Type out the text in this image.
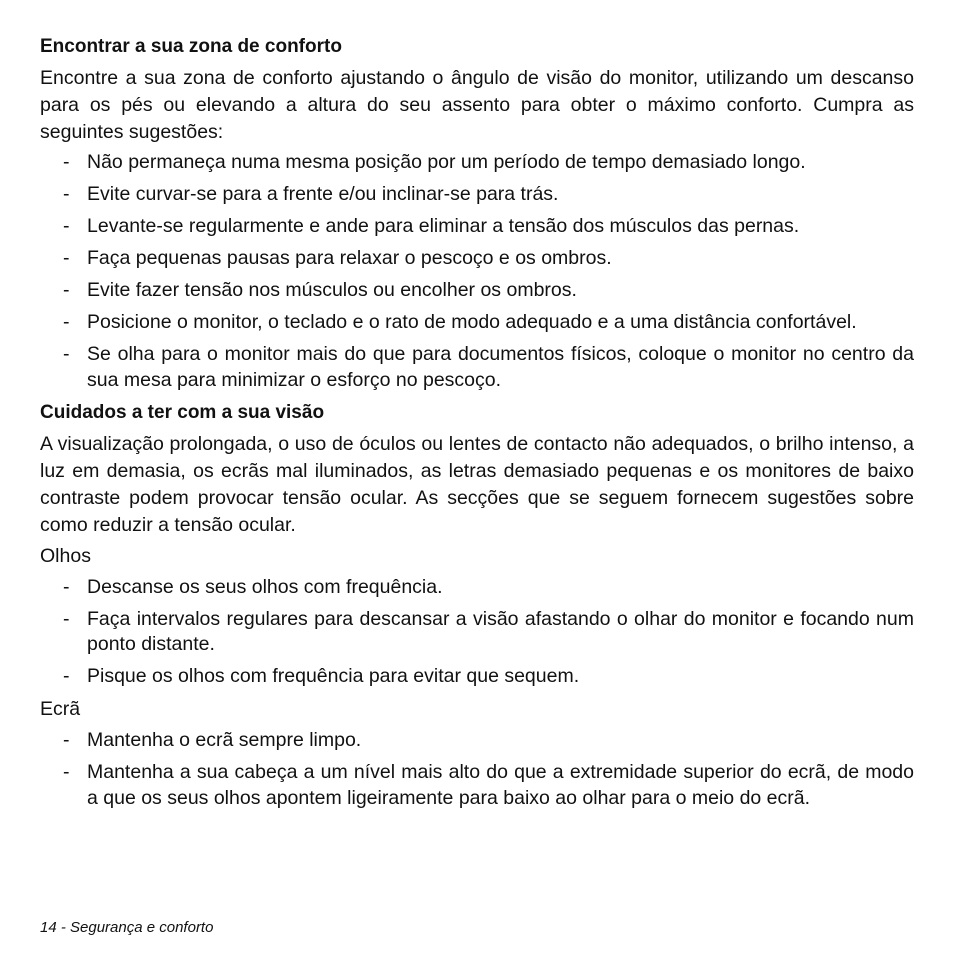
Encontrar a sua zona de conforto
Encontre a sua zona de conforto ajustando o ângulo de visão do monitor, utilizando um descanso para os pés ou elevando a altura do seu assento para obter o máximo conforto. Cumpra as seguintes sugestões:
- Não permaneça numa mesma posição por um período de tempo demasiado longo.
- Evite curvar-se para a frente e/ou inclinar-se para trás.
- Levante-se regularmente e ande para eliminar a tensão dos músculos das pernas.
- Faça pequenas pausas para relaxar o pescoço e os ombros.
- Evite fazer tensão nos músculos ou encolher os ombros.
- Posicione o monitor, o teclado e o rato de modo adequado e a uma distância confortável.
- Se olha para o monitor mais do que para documentos físicos, coloque o monitor no centro da sua mesa para minimizar o esforço no pescoço.
Cuidados a ter com a sua visão
A visualização prolongada, o uso de óculos ou lentes de contacto não adequados, o brilho intenso, a luz em demasia, os ecrãs mal iluminados, as letras demasiado pequenas e os monitores de baixo contraste podem provocar tensão ocular. As secções que se seguem fornecem sugestões sobre como reduzir a tensão ocular.
Olhos
- Descanse os seus olhos com frequência.
- Faça intervalos regulares para descansar a visão afastando o olhar do monitor e focando num ponto distante.
- Pisque os olhos com frequência para evitar que sequem.
Ecrã
- Mantenha o ecrã sempre limpo.
- Mantenha a sua cabeça a um nível mais alto do que a extremidade superior do ecrã, de modo a que os seus olhos apontem ligeiramente para baixo ao olhar para o meio do ecrã.
14 - Segurança e conforto
